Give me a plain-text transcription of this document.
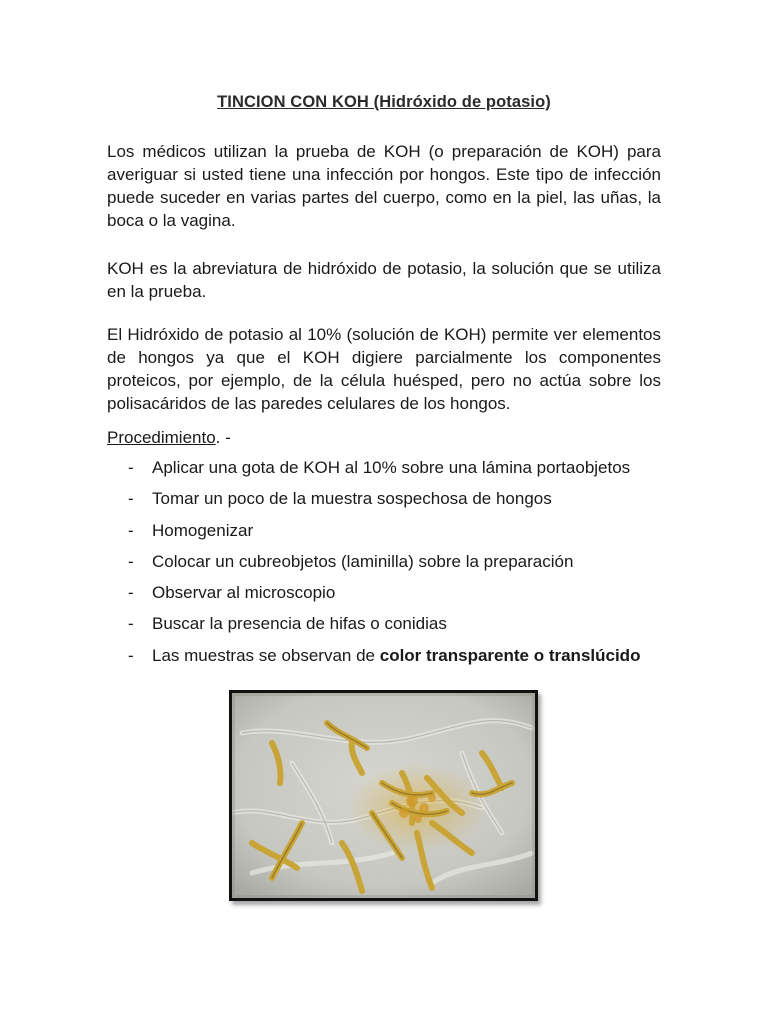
TINCION CON KOH (Hidróxido de potasio)
Los médicos utilizan la prueba de KOH (o preparación de KOH) para averiguar si usted tiene una infección por hongos. Este tipo de infección puede suceder en varias partes del cuerpo, como en la piel, las uñas, la boca o la vagina.
KOH es la abreviatura de hidróxido de potasio, la solución que se utiliza en la prueba.
El Hidróxido de potasio al 10% (solución de KOH) permite ver elementos de hongos ya que el KOH digiere parcialmente los componentes proteicos, por ejemplo, de la célula huésped, pero no actúa sobre los polisacáridos de las paredes celulares de los hongos.
Procedimiento. -
- Aplicar una gota de KOH al 10% sobre una lámina portaobjetos
- Tomar un poco de la muestra sospechosa de hongos
- Homogenizar
- Colocar un cubreobjetos (laminilla) sobre la preparación
- Observar al microscopio
- Buscar la presencia de hifas o conidias
- Las muestras se observan de color transparente o translúcido
